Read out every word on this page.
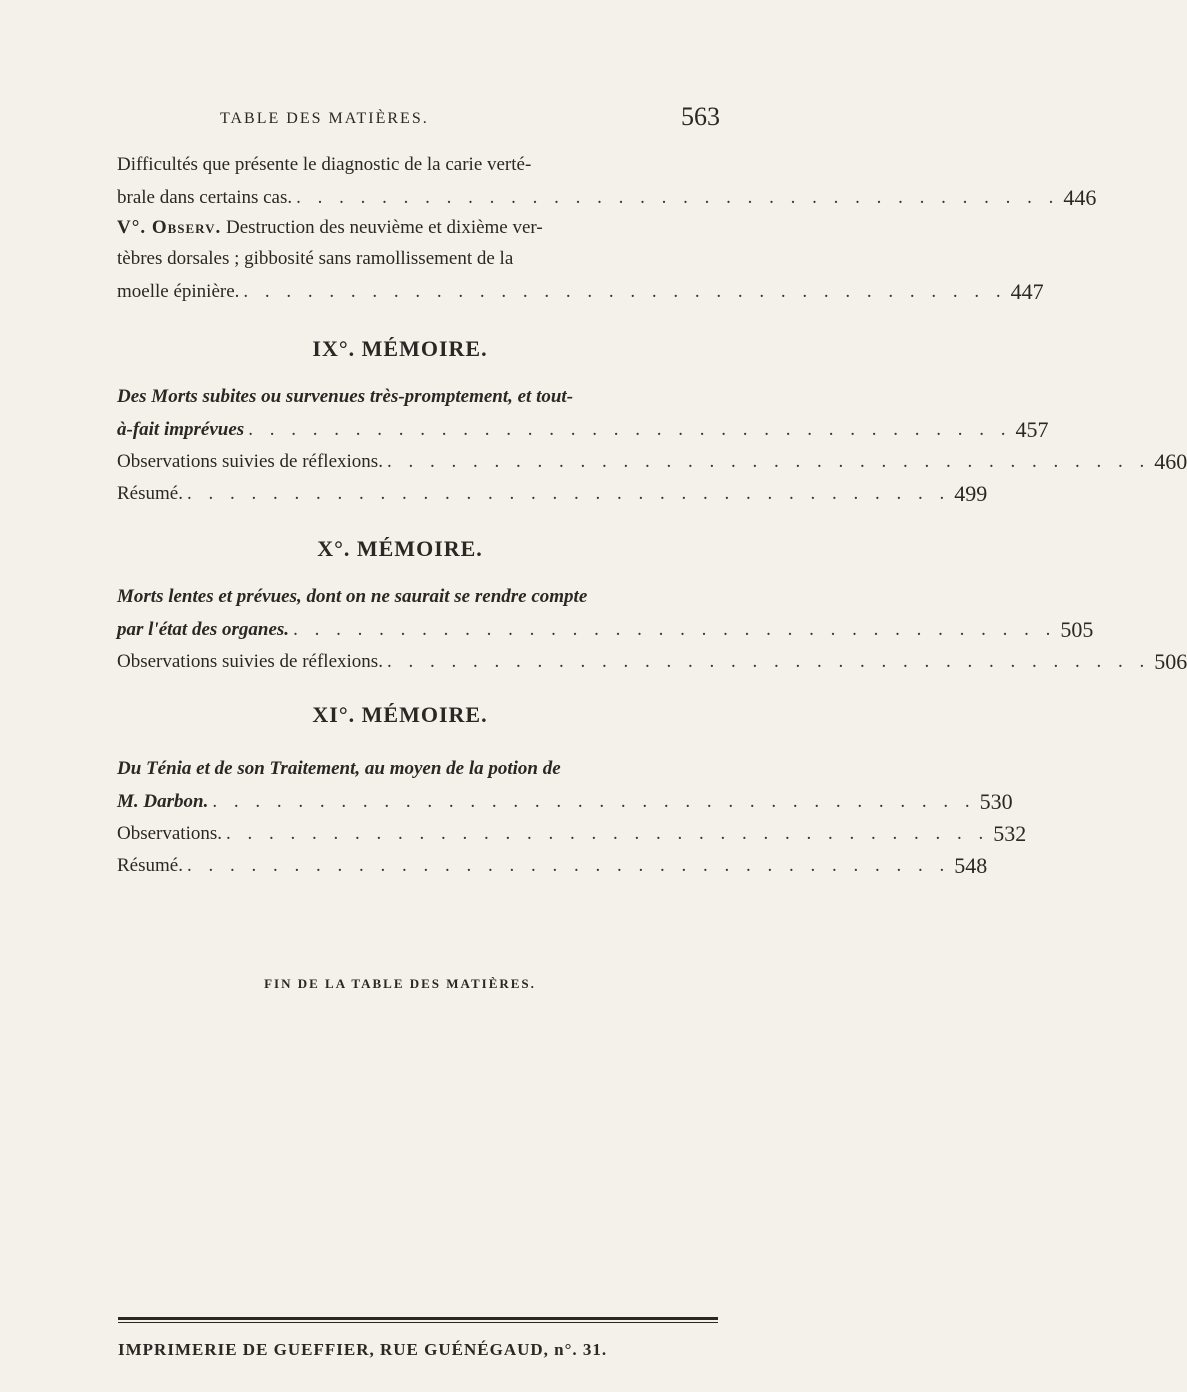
TABLE DES MATIÈRES.	563
Difficultés que présente le diagnostic de la carie verté-
brale dans certains cas. . . . . . . . . . . . . . . . . . . . . . . . . . . . . . . . . . . . . 446
V°. Observ. Destruction des neuvième et dixième ver-
tèbres dorsales ; gibbosité sans ramollissement de la
moelle épinière. . . . . . . . . . . . . . . . . . . . . . . . . . . . . . . . . . . . . 447
IX°. MÉMOIRE.
Des Morts subites ou survenues très-promptement, et tout-
à-fait imprévues . . . . . . . . . . . . . . . . . . . . . . . . . . . . . . . . . . . . 457
Observations suivies de réflexions. . . . . . . . . . . . . . . . . . . . . . . . . . . . . . . . . . . . . 460
Résumé. . . . . . . . . . . . . . . . . . . . . . . . . . . . . . . . . . . . . 499
X°. MÉMOIRE.
Morts lentes et prévues, dont on ne saurait se rendre compte
par l'état des organes. . . . . . . . . . . . . . . . . . . . . . . . . . . . . . . . . . . . . 505
Observations suivies de réflexions. . . . . . . . . . . . . . . . . . . . . . . . . . . . . . . . . . . . . 506
XI°. MÉMOIRE.
Du Ténia et de son Traitement, au moyen de la potion de
M. Darbon. . . . . . . . . . . . . . . . . . . . . . . . . . . . . . . . . . . . . 530
Observations. . . . . . . . . . . . . . . . . . . . . . . . . . . . . . . . . . . . . 532
Résumé. . . . . . . . . . . . . . . . . . . . . . . . . . . . . . . . . . . . . 548
FIN DE LA TABLE DES MATIÈRES.
IMPRIMERIE DE GUEFFIER, RUE GUÉNÉGAUD, n°. 31.
